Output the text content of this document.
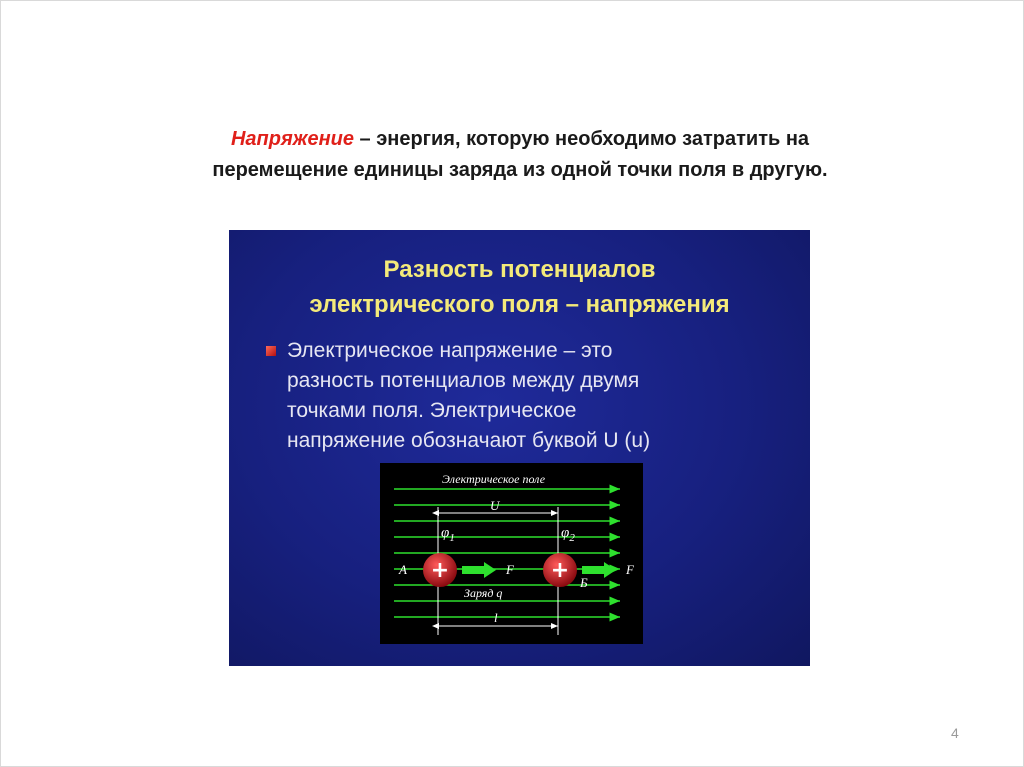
Напряжение – энергия, которую необходимо затратить на
перемещение единицы заряда из одной точки поля в другую.
Разность потенциалов
электрического поля – напряжения
Электрическое напряжение – это
разность потенциалов между двумя
точками поля. Электрическое
напряжение обозначают буквой U (u)
Электрическое поле
U
$\varphi_1$	$\varphi_2$
А
Б
+	+
F	F
Заряд q
l
4
